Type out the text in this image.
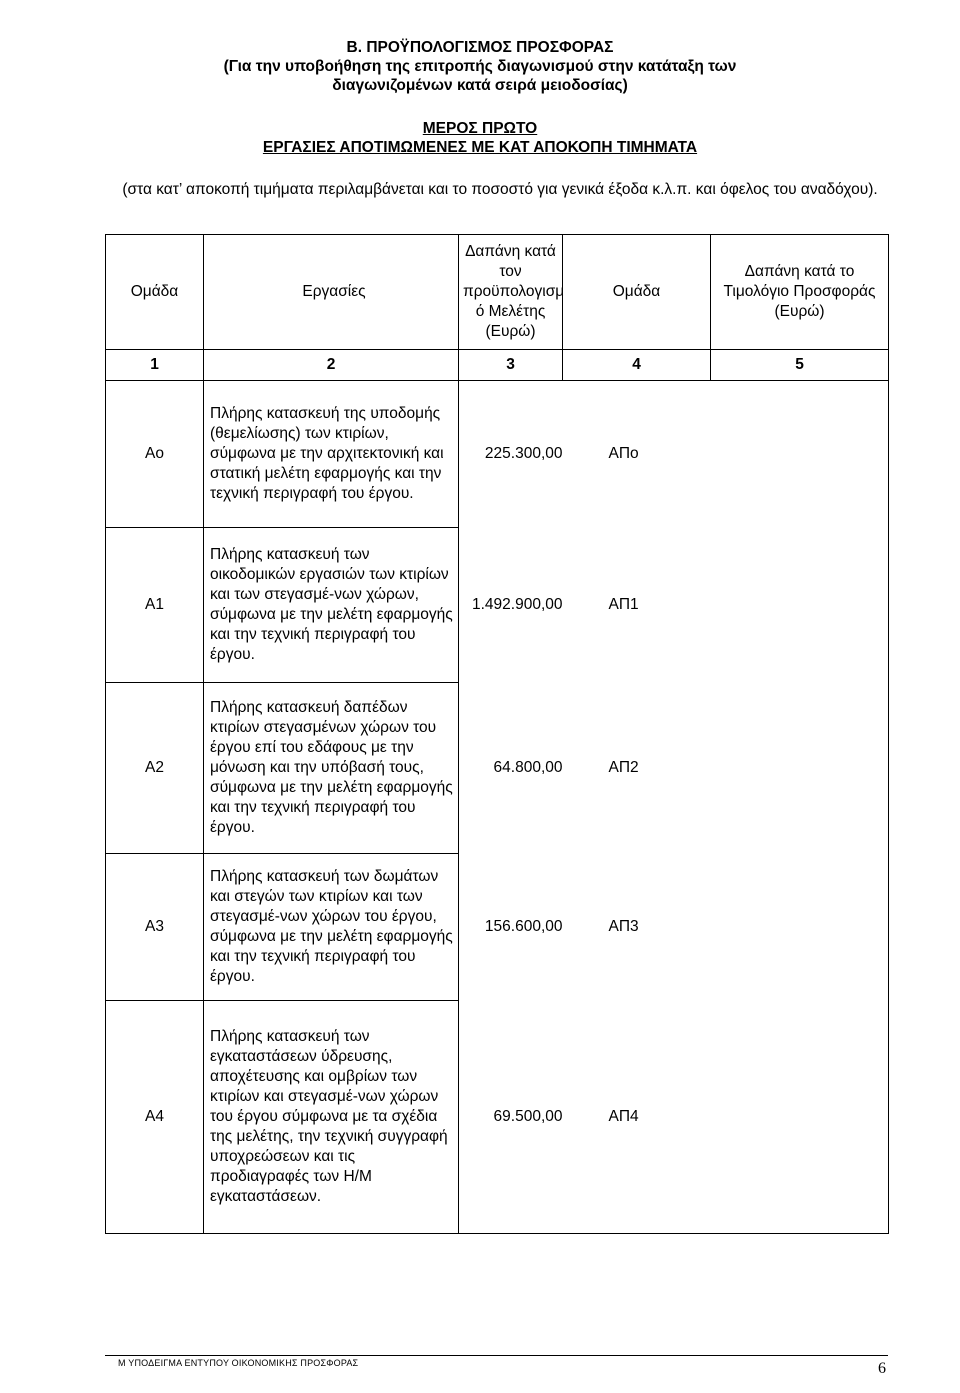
Β. ΠΡΟΫΠΟΛΟΓΙΣΜΟΣ ΠΡΟΣΦΟΡΑΣ
(Για την υποβοήθηση της επιτροπής διαγωνισμού στην κατάταξη των
διαγωνιζομένων κατά σειρά μειοδοσίας)
ΜΕΡΟΣ ΠΡΩΤΟ
ΕΡΓΑΣΙΕΣ ΑΠΟΤΙΜΩΜΕΝΕΣ ΜΕ ΚΑΤ ΑΠΟΚΟΠΗ ΤΙΜΗΜΑΤΑ
(στα κατ’ αποκοπή τιμήματα περιλαμβάνεται και το ποσοστό για γενικά έξοδα κ.λ.π. και όφελος του αναδόχου).
Ομάδα	Εργασίες	Δαπάνη κατά τον προϋπολογισμ ό Μελέτης (Ευρώ)	Ομάδα	Δαπάνη κατά το Τιμολόγιο Προσφοράς (Ευρώ)
1	2	3	4	5
Αο	Πλήρης κατασκευή της υποδομής (θεμελίωσης) των κτιρίων, σύμφωνα με την αρχιτεκτονική και στατική μελέτη εφαρμογής και την τεχνική περιγραφή του έργου.	225.300,00	ΑΠο	
Α1	Πλήρης κατασκευή των οικοδομικών εργασιών των κτιρίων και των στεγασμέ-νων χώρων, σύμφωνα με την μελέτη εφαρμογής και την τεχνική περιγραφή του έργου.	1.492.900,00	ΑΠ1	
Α2	Πλήρης κατασκευή δαπέδων κτιρίων στεγασμένων χώρων του έργου επί του εδάφους με την μόνωση και την υπόβασή τους, σύμφωνα με την μελέτη εφαρμογής και την τεχνική περιγραφή του έργου.	64.800,00	ΑΠ2	
Α3	Πλήρης κατασκευή των δωμάτων και στεγών των κτιρίων και των στεγασμέ-νων χώρων του έργου, σύμφωνα με την μελέτη εφαρμογής και την τεχνική περιγραφή του έργου.	156.600,00	ΑΠ3	
Α4	Πλήρης κατασκευή των εγκαταστάσεων ύδρευσης, αποχέτευσης και ομβρίων των κτιρίων και στεγασμέ-νων χώρων του έργου σύμφωνα με τα σχέδια της μελέτης, την τεχνική συγγραφή υποχρεώσεων και τις προδιαγραφές των Η/Μ εγκαταστάσεων.	69.500,00	ΑΠ4	
Μ ΥΠΟΔΕΙΓΜΑ ΕΝΤΥΠΟΥ ΟΙΚΟΝΟΜΙΚΗΣ ΠΡΟΣΦΟΡΑΣ	6
